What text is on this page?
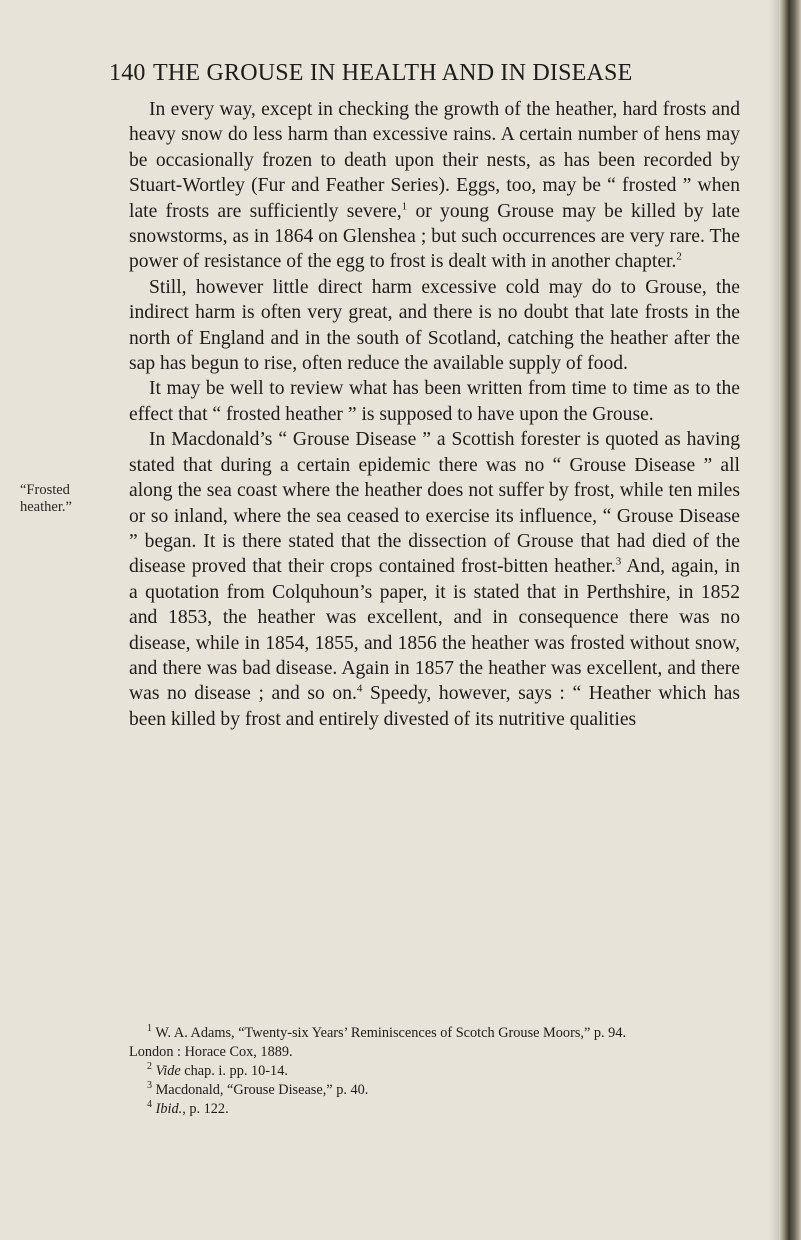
140 THE GROUSE IN HEALTH AND IN DISEASE
“Frosted
heather.”

In every way, except in checking the growth of the heather, hard frosts and heavy snow do less harm than excessive rains. A certain number of hens may be occasionally frozen to death upon their nests, as has been recorded by Stuart-Wortley (Fur and Feather Series). Eggs, too, may be “ frosted ” when late frosts are sufficiently severe,$^1$ or young Grouse may be killed by late snowstorms, as in 1864 on Glenshea ; but such occurrences are very rare. The power of resistance of the egg to frost is dealt with in another chapter.$^2$

Still, however little direct harm excessive cold may do to Grouse, the indirect harm is often very great, and there is no doubt that late frosts in the north of England and in the south of Scotland, catching the heather after the sap has begun to rise, often reduce the available supply of food.

It may be well to review what has been written from time to time as to the effect that “ frosted heather ” is supposed to have upon the Grouse.

In Macdonald’s “ Grouse Disease ” a Scottish forester is quoted as having stated that during a certain epidemic there was no “ Grouse Disease ” all along the sea coast where the heather does not suffer by frost, while ten miles or so inland, where the sea ceased to exercise its influence, “ Grouse Disease ” began. It is there stated that the dissection of Grouse that had died of the disease proved that their crops contained frost-bitten heather.$^3$ And, again, in a quotation from Colquhoun’s paper, it is stated that in Perthshire, in 1852 and 1853, the heather was excellent, and in consequence there was no disease, while in 1854, 1855, and 1856 the heather was frosted without snow, and there was bad disease. Again in 1857 the heather was excellent, and there was no disease ; and so on.$^4$ Speedy, however, says : “ Heather which has been killed by frost and entirely divested of its nutritive qualities

$^1$ W. A. Adams, “Twenty-six Years’ Reminiscences of Scotch Grouse Moors,” p. 94.

London : Horace Cox, 1889.

$^2$ Vide chap. i. pp. 10-14.

$^3$ Macdonald, “Grouse Disease,” p. 40.

$^4$ Ibid., p. 122.
